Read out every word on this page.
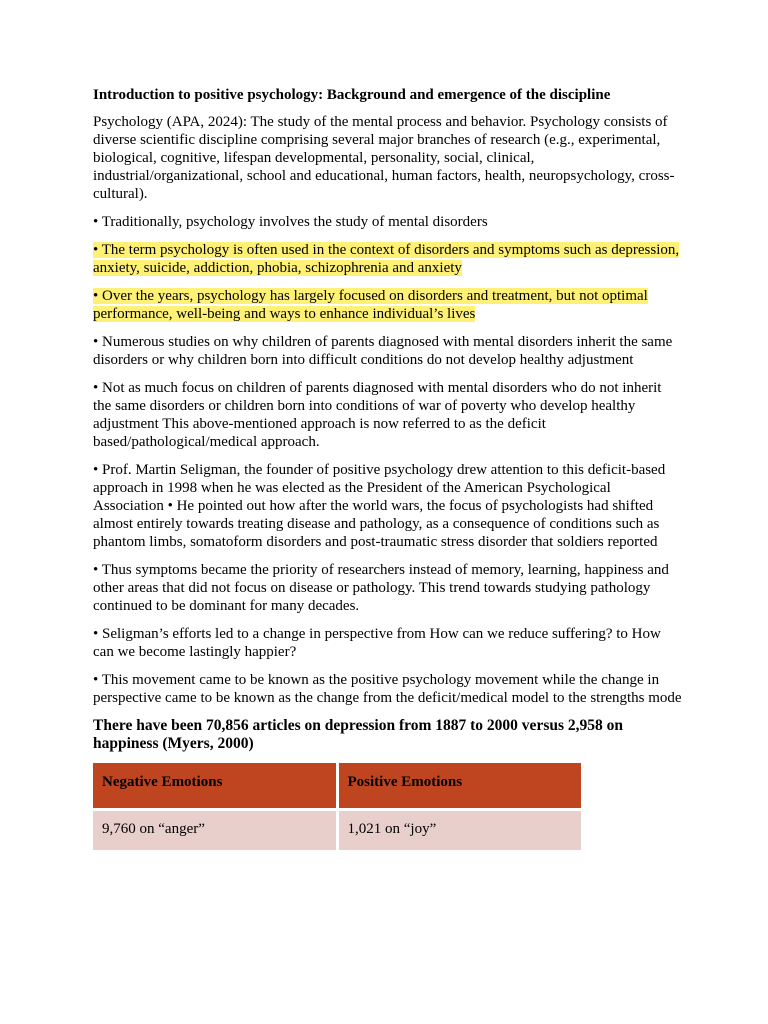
Introduction to positive psychology: Background and emergence of the discipline

Psychology (APA, 2024): The study of the mental process and behavior. Psychology consists of diverse scientific discipline comprising several major branches of research (e.g., experimental, biological, cognitive, lifespan developmental, personality, social, clinical, industrial/organizational, school and educational, human factors, health, neuropsychology, cross-cultural).

• Traditionally, psychology involves the study of mental disorders

• The term psychology is often used in the context of disorders and symptoms such as depression, anxiety, suicide, addiction, phobia, schizophrenia and anxiety

• Over the years, psychology has largely focused on disorders and treatment, but not optimal performance, well-being and ways to enhance individual’s lives

• Numerous studies on why children of parents diagnosed with mental disorders inherit the same disorders or why children born into difficult conditions do not develop healthy adjustment

• Not as much focus on children of parents diagnosed with mental disorders who do not inherit the same disorders or children born into conditions of war of poverty who develop healthy adjustment This above-mentioned approach is now referred to as the deficit based/pathological/medical approach.

• Prof. Martin Seligman, the founder of positive psychology drew attention to this deficit-based approach in 1998 when he was elected as the President of the American Psychological Association • He pointed out how after the world wars, the focus of psychologists had shifted almost entirely towards treating disease and pathology, as a consequence of conditions such as phantom limbs, somatoform disorders and post-traumatic stress disorder that soldiers reported

• Thus symptoms became the priority of researchers instead of memory, learning, happiness and other areas that did not focus on disease or pathology. This trend towards studying pathology continued to be dominant for many decades.

• Seligman’s efforts led to a change in perspective from How can we reduce suffering? to How can we become lastingly happier?

• This movement came to be known as the positive psychology movement while the change in perspective came to be known as the change from the deficit/medical model to the strengths mode

There have been 70,856 articles on depression from 1887 to 2000 versus 2,958 on happiness (Myers, 2000)

Negative Emotions	Positive Emotions
9,760 on “anger”	1,021 on “joy”
